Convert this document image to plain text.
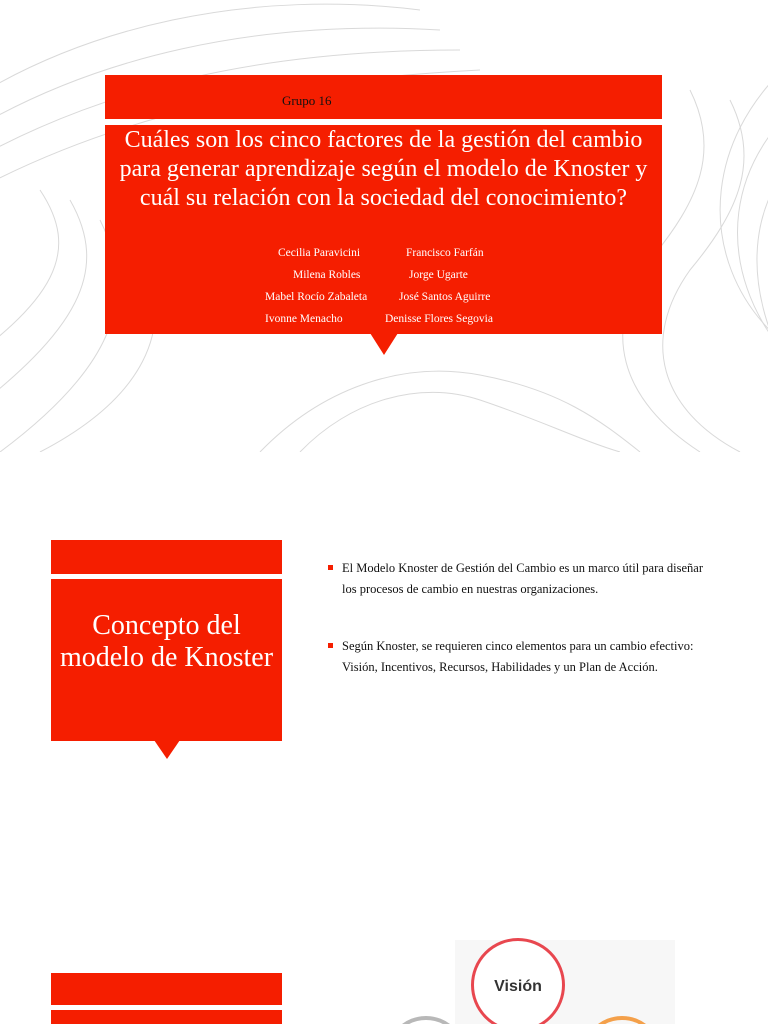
Grupo 16
Cuáles son los cinco factores de la gestión del cambio para generar aprendizaje según el modelo de Knoster y cuál su relación con la sociedad del conocimiento?
Cecilia Paravicini
Milena Robles
Mabel Rocío Zabaleta
Ivonne Menacho
Francisco Farfán
Jorge Ugarte
José Santos Aguirre
Denisse Flores Segovia
Concepto del modelo de Knoster
El Modelo Knoster de Gestión del Cambio es un marco útil para diseñar los procesos de cambio en nuestras organizaciones.
Según Knoster, se requieren cinco elementos para un cambio efectivo: Visión, Incentivos, Recursos, Habilidades y un Plan de Acción.
Visión
